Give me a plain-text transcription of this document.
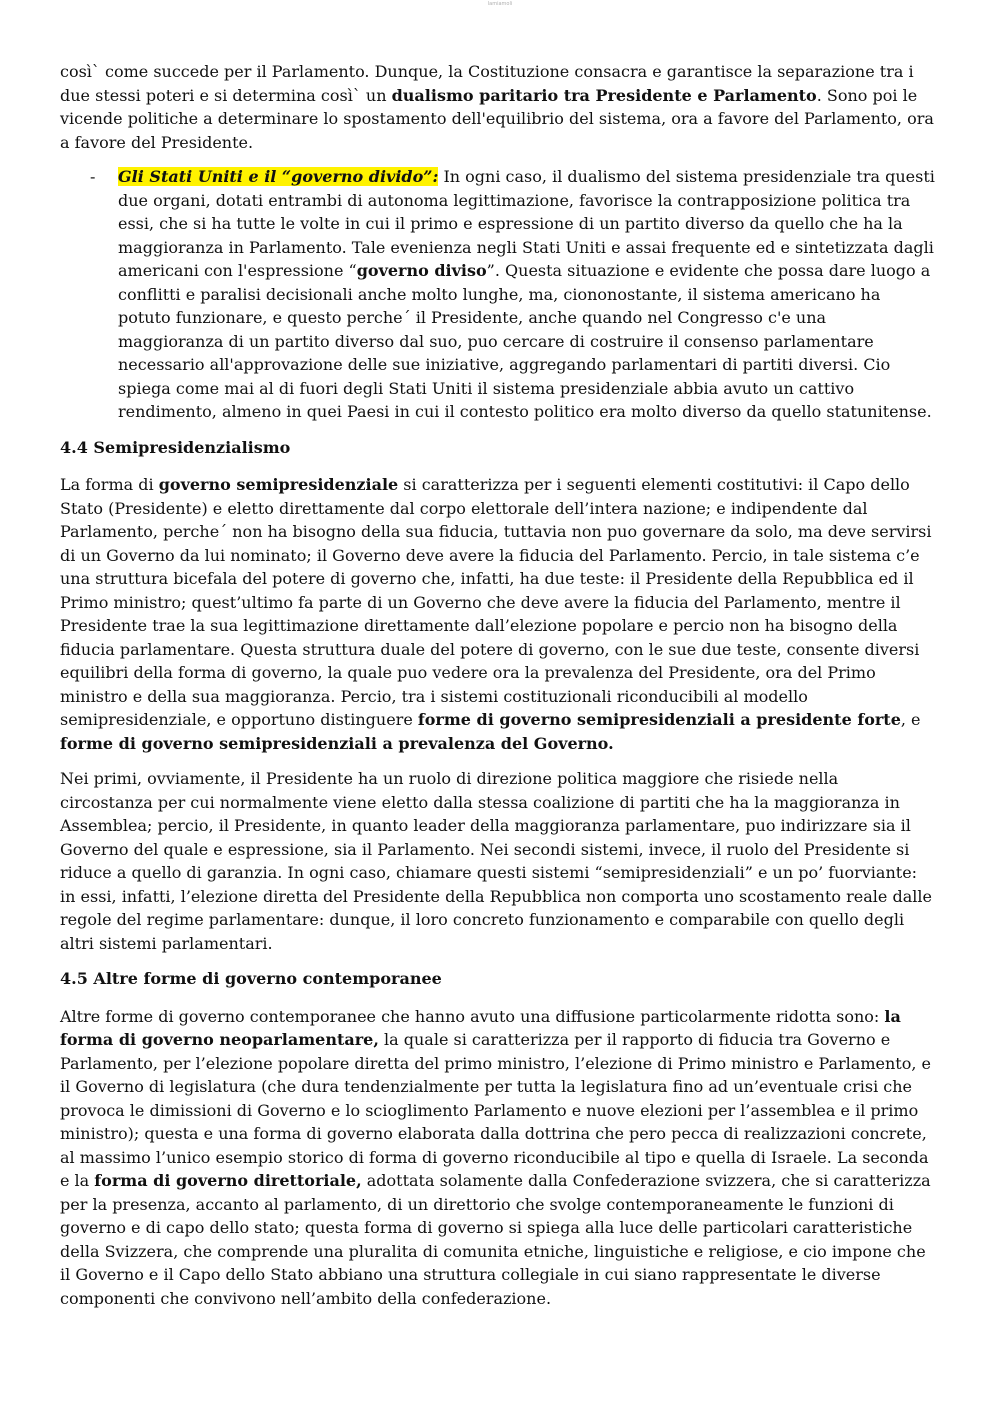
lamiamoli

così` come succede per il Parlamento. Dunque, la Costituzione consacra e garantisce la separazione tra i due stessi poteri e si determina così` un dualismo paritario tra Presidente e Parlamento. Sono poi le vicende politiche a determinare lo spostamento dell'equilibrio del sistema, ora a favore del Parlamento, ora a favore del Presidente.

- Gli Stati Uniti e il “governo divido”: In ogni caso, il dualismo del sistema presidenziale tra questi due organi, dotati entrambi di autonoma legittimazione, favorisce la contrapposizione politica tra essi, che si ha tutte le volte in cui il primo e espressione di un partito diverso da quello che ha la maggioranza in Parlamento. Tale evenienza negli Stati Uniti e assai frequente ed e sintetizzata dagli americani con l'espressione “governo diviso”. Questa situazione e evidente che possa dare luogo a conflitti e paralisi decisionali anche molto lunghe, ma, ciononostante, il sistema americano ha potuto funzionare, e questo perche´ il Presidente, anche quando nel Congresso c'e una maggioranza di un partito diverso dal suo, puo cercare di costruire il consenso parlamentare necessario all'approvazione delle sue iniziative, aggregando parlamentari di partiti diversi. Cio spiega come mai al di fuori degli Stati Uniti il sistema presidenziale abbia avuto un cattivo rendimento, almeno in quei Paesi in cui il contesto politico era molto diverso da quello statunitense.
4.4 Semipresidenzialismo

La forma di governo semipresidenziale si caratterizza per i seguenti elementi costitutivi: il Capo dello Stato (Presidente) e eletto direttamente dal corpo elettorale dell’intera nazione; e indipendente dal Parlamento, perche´ non ha bisogno della sua fiducia, tuttavia non puo governare da solo, ma deve servirsi di un Governo da lui nominato; il Governo deve avere la fiducia del Parlamento. Percio, in tale sistema c’e una struttura bicefala del potere di governo che, infatti, ha due teste: il Presidente della Repubblica ed il Primo ministro; quest’ultimo fa parte di un Governo che deve avere la fiducia del Parlamento, mentre il Presidente trae la sua legittimazione direttamente dall’elezione popolare e percio non ha bisogno della fiducia parlamentare. Questa struttura duale del potere di governo, con le sue due teste, consente diversi equilibri della forma di governo, la quale puo vedere ora la prevalenza del Presidente, ora del Primo ministro e della sua maggioranza. Percio, tra i sistemi costituzionali riconducibili al modello semipresidenziale, e opportuno distinguere forme di governo semipresidenziali a presidente forte, e forme di governo semipresidenziali a prevalenza del Governo.

Nei primi, ovviamente, il Presidente ha un ruolo di direzione politica maggiore che risiede nella circostanza per cui normalmente viene eletto dalla stessa coalizione di partiti che ha la maggioranza in Assemblea; percio, il Presidente, in quanto leader della maggioranza parlamentare, puo indirizzare sia il Governo del quale e espressione, sia il Parlamento. Nei secondi sistemi, invece, il ruolo del Presidente si riduce a quello di garanzia. In ogni caso, chiamare questi sistemi “semipresidenziali” e un po’ fuorviante: in essi, infatti, l’elezione diretta del Presidente della Repubblica non comporta uno scostamento reale dalle regole del regime parlamentare: dunque, il loro concreto funzionamento e comparabile con quello degli altri sistemi parlamentari.

4.5 Altre forme di governo contemporanee

Altre forme di governo contemporanee che hanno avuto una diffusione particolarmente ridotta sono: la forma di governo neoparlamentare, la quale si caratterizza per il rapporto di fiducia tra Governo e Parlamento, per l’elezione popolare diretta del primo ministro, l’elezione di Primo ministro e Parlamento, e il Governo di legislatura (che dura tendenzialmente per tutta la legislatura fino ad un’eventuale crisi che provoca le dimissioni di Governo e lo scioglimento Parlamento e nuove elezioni per l’assemblea e il primo ministro); questa e una forma di governo elaborata dalla dottrina che pero pecca di realizzazioni concrete, al massimo l’unico esempio storico di forma di governo riconducibile al tipo e quella di Israele. La seconda e la forma di governo direttoriale, adottata solamente dalla Confederazione svizzera, che si caratterizza per la presenza, accanto al parlamento, di un direttorio che svolge contemporaneamente le funzioni di governo e di capo dello stato; questa forma di governo si spiega alla luce delle particolari caratteristiche della Svizzera, che comprende una pluralita di comunita etniche, linguistiche e religiose, e cio impone che il Governo e il Capo dello Stato abbiano una struttura collegiale in cui siano rappresentate le diverse componenti che convivono nell’ambito della confederazione.
